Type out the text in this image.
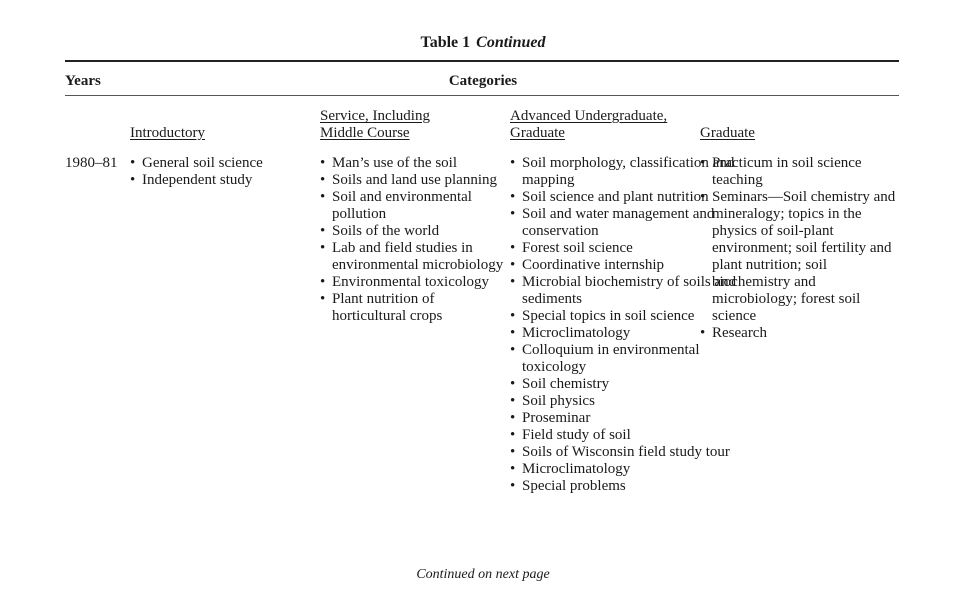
Table 1 Continued
Years	Categories
Introductory
Service, Including
Middle Course
Advanced Undergraduate,
Graduate	Graduate
1980–81
•	General soil science
• Independent study
• Man’s use of the soil
• Soils and land use planning
• Soil and environmental pollution
• Soils of the world
• Lab and field studies in environmental microbiology
• Environmental toxicology
• Plant nutrition of horticultural crops
• Soil morphology, classification and mapping
• Soil science and plant nutrition
• Soil and water management and conservation
• Forest soil science
• Coordinative internship
• Microbial biochemistry of soils and sediments
• Special topics in soil science
• Microclimatology
• Colloquium in environmental toxicology
• Soil chemistry
• Soil physics
• Proseminar
• Field study of soil
• Soils of Wisconsin field study tour
• Microclimatology
• Special problems
• Practicum in soil science teaching
• Seminars—Soil chemistry and mineralogy; topics in the physics of soil-plant environment; soil fertility and plant nutrition; soil biochemistry and microbiology; forest soil science
• Research
Continued on next page
